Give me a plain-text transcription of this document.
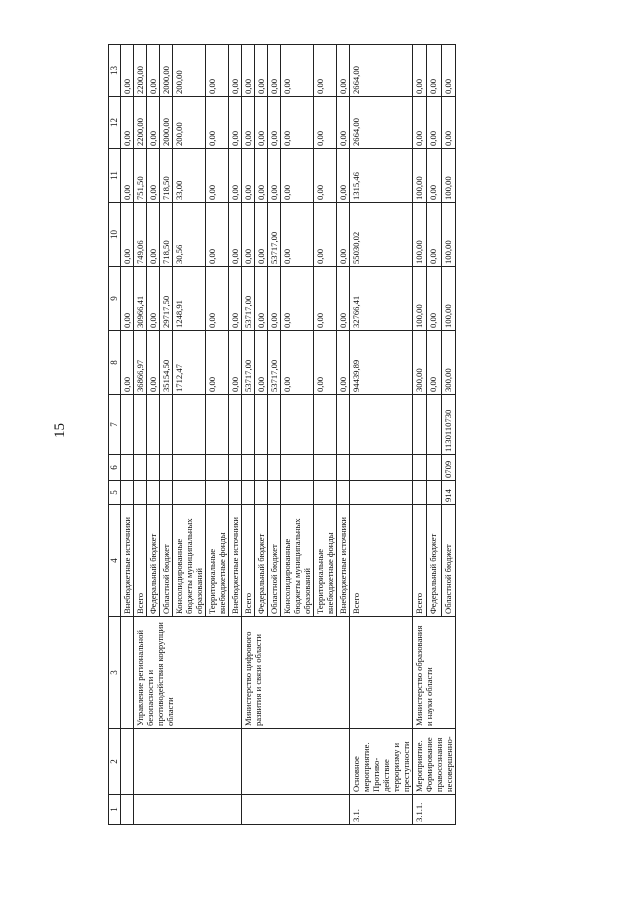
15
1	2	3	4	5	6	7	8	9	10	11	12	13
			Внебюджетные источники				0,00	0,00	0,00	0,00	0,00	0,00
		Управление региональной безопасности и противодействия коррупции области	Всего				36866,97	30966,41	749,06	751,50	2200,00	2200,00
			Федеральный бюджет				0,00	0,00	0,00	0,00	0,00	0,00
			Областной бюджет				35154,50	29717,50	718,50	718,50	2000,00	2000,00
			Консолидированные бюджеты муниципальных образований				1712,47	1248,91	30,56	33,00	200,00	200,00
			Территориальные внебюджетные фонды				0,00	0,00	0,00	0,00	0,00	0,00
			Внебюджетные источники				0,00	0,00	0,00	0,00	0,00	0,00
		Министерство цифрового развития и связи области	Всего				53717,00	53717,00	0,00	0,00	0,00	0,00
			Федеральный бюджет				0,00	0,00	0,00	0,00	0,00	0,00
			Областной бюджет				53717,00	0,00	53717,00	0,00	0,00	0,00
			Консолидированные бюджеты муниципальных образований				0,00	0,00	0,00	0,00	0,00	0,00
			Территориальные внебюджетные фонды				0,00	0,00	0,00	0,00	0,00	0,00
			Внебюджетные источники				0,00	0,00	0,00	0,00	0,00	0,00
3.1.	Основное мероприятие. Противо-действие терроризму и преступности		Всего				94439,89	32766,41	55030,02	1315,46	2664,00	2664,00
3.1.1.	Мероприятие. Формирование правосознания несовершенно-	Министерство образования и науки области	Всего				300,00	100,00	100,00	100,00	0,00	0,00
			Федеральный бюджет				0,00	0,00	0,00	0,00	0,00	0,00
			Областной бюджет	914	0709	1130110730	300,00	100,00	100,00	100,00	0,00	0,00
